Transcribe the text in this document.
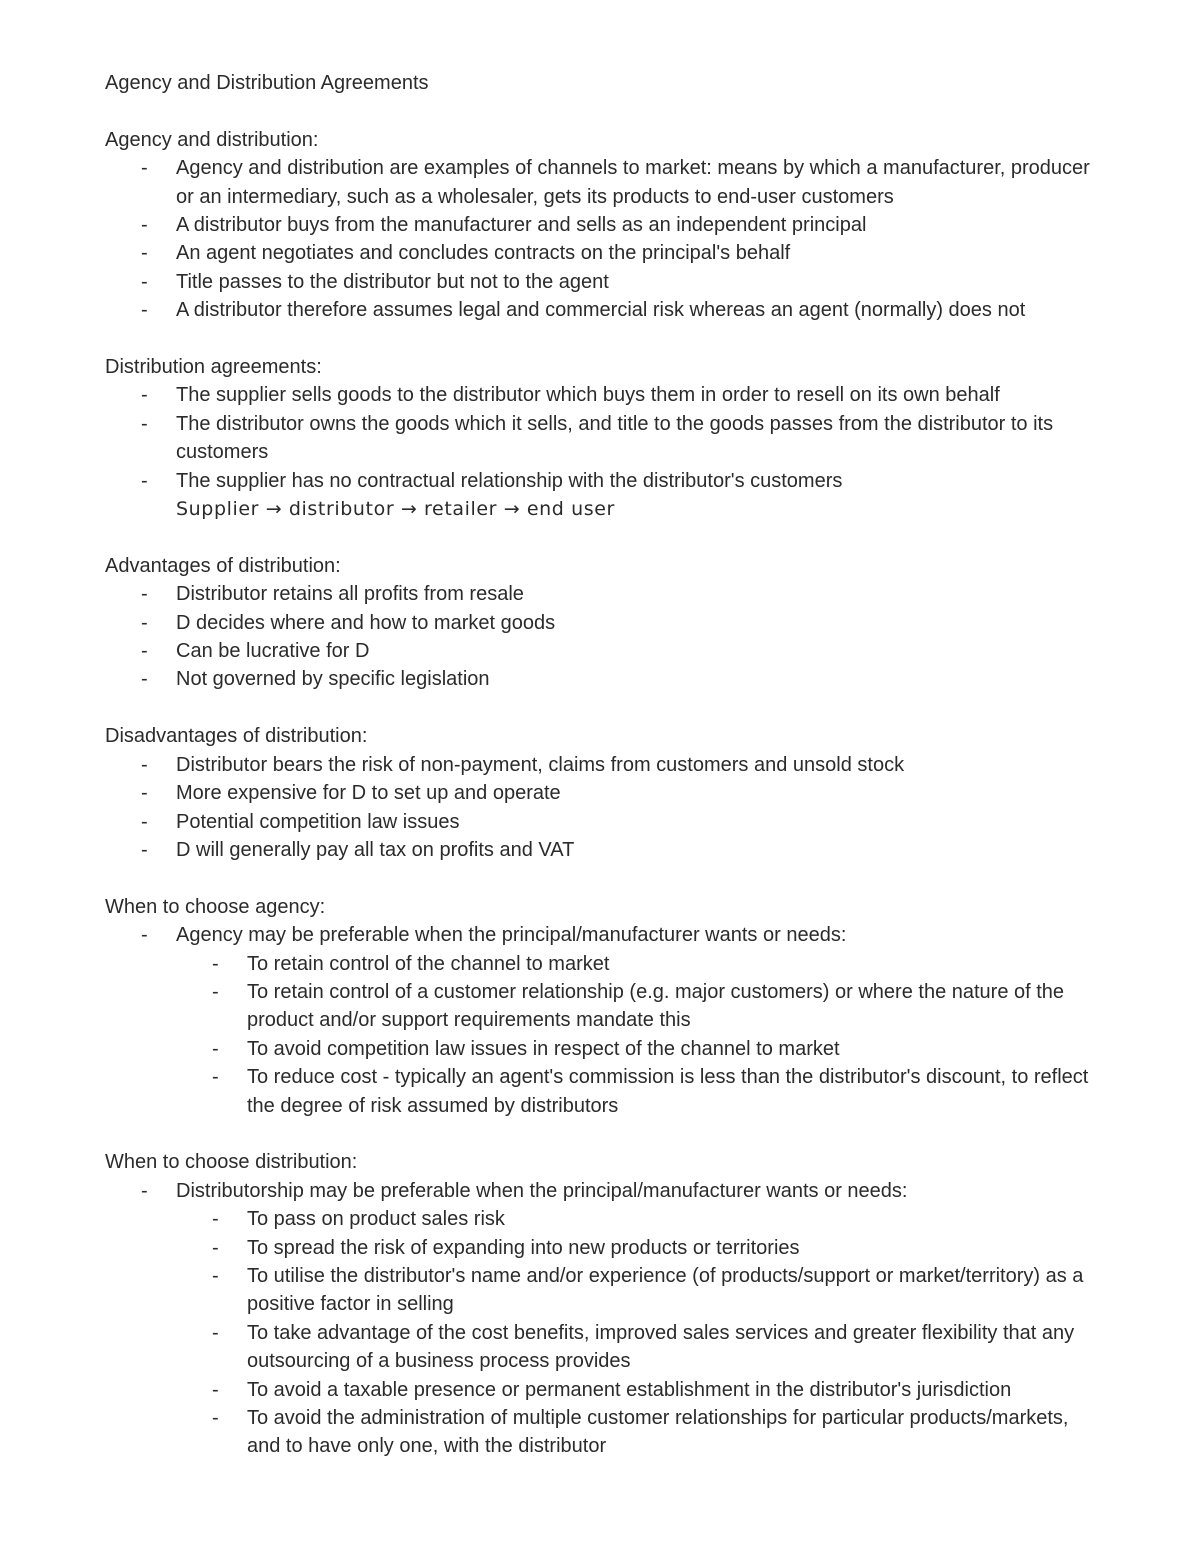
Agency and Distribution Agreements
Agency and distribution:
- Agency and distribution are examples of channels to market: means by which a manufacturer, producer or an intermediary, such as a wholesaler, gets its products to end-user customers
- A distributor buys from the manufacturer and sells as an independent principal
- An agent negotiates and concludes contracts on the principal's behalf
- Title passes to the distributor but not to the agent
- A distributor therefore assumes legal and commercial risk whereas an agent (normally) does not
Distribution agreements:
- The supplier sells goods to the distributor which buys them in order to resell on its own behalf
- The distributor owns the goods which it sells, and title to the goods passes from the distributor to its customers
- The supplier has no contractual relationship with the distributor's customers
Supplier → distributor → retailer → end user
Advantages of distribution:
- Distributor retains all profits from resale
- D decides where and how to market goods
- Can be lucrative for D
- Not governed by specific legislation
Disadvantages of distribution:
- Distributor bears the risk of non-payment, claims from customers and unsold stock
- More expensive for D to set up and operate
- Potential competition law issues
- D will generally pay all tax on profits and VAT
When to choose agency:
- Agency may be preferable when the principal/manufacturer wants or needs:
- To retain control of the channel to market
- To retain control of a customer relationship (e.g. major customers) or where the nature of the product and/or support requirements mandate this
- To avoid competition law issues in respect of the channel to market
- To reduce cost - typically an agent's commission is less than the distributor's discount, to reflect the degree of risk assumed by distributors
When to choose distribution:
- Distributorship may be preferable when the principal/manufacturer wants or needs:
- To pass on product sales risk
- To spread the risk of expanding into new products or territories
- To utilise the distributor's name and/or experience (of products/support or market/territory) as a positive factor in selling
- To take advantage of the cost benefits, improved sales services and greater flexibility that any outsourcing of a business process provides
- To avoid a taxable presence or permanent establishment in the distributor's jurisdiction
- To avoid the administration of multiple customer relationships for particular products/markets, and to have only one, with the distributor
